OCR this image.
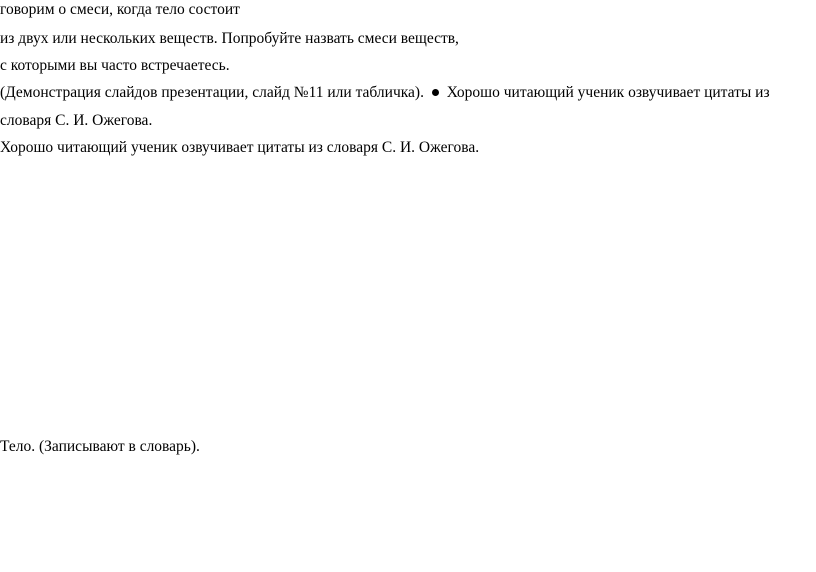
говорим о смеси, когда тело состоит
из двух или нескольких веществ. Попробуйте назвать смеси веществ,
с которыми вы часто встречаетесь.
(Демонстрация слайдов презентации, слайд №11 или табличка). Хорошо читающий ученик озвучивает цитаты из
словаря С. И. Ожегова.
Хорошо читающий ученик озвучивает цитаты из словаря С. И. Ожегова.
Тело. (Записывают в словарь).
